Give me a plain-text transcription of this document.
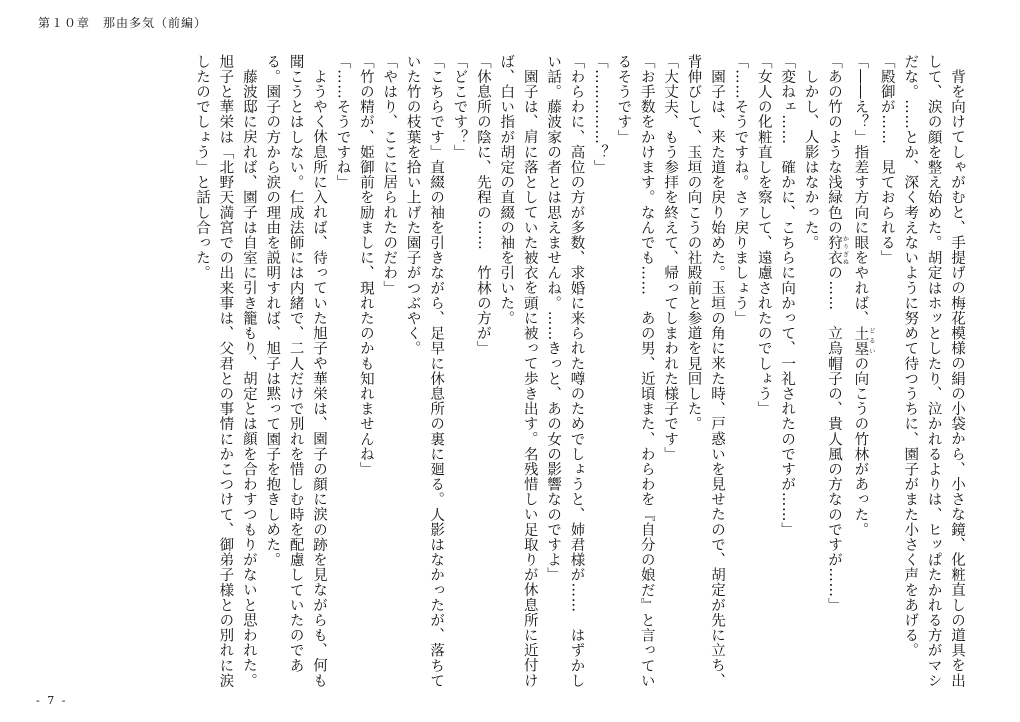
第１０章　那由多気（前編）

背を向けてしゃがむと、手提げの梅花模様の絹の小袋から、小さな鏡、化粧直しの道具を出して、涙の顔を整え始めた。胡定はホッとしたり、泣かれるよりは、ヒッぱたかれる方がマシだな。……とか、深く考えないように努めて待つうちに、園子がまた小さく声をあげる。

「殿御が……　見ておられる」

「――え？」指差す方向に眼をやれば、土塁 どるいの向こうの竹林があった。

「あの竹のような浅緑色の狩衣 かりぎぬの……　立烏帽子の、貴人風の方なのですが……」

しかし、人影はなかった。

「変ねェ……　確かに、こちらに向かって、一礼されたのですが……」

「女人の化粧直しを察して、遠慮されたのでしょう」

「……そうですね。さァ戻りましょう」

園子は、来た道を戻り始めた。玉垣の角に来た時、戸惑いを見せたので、胡定が先に立ち、背伸びして、玉垣の向こうの社殿前と参道を見回した。

「大丈夫、もう参拝を終えて、帰ってしまわれた様子です」

「お手数をかけます。なんでも……　あの男、近頃また、わらわを『自分の娘だ』と言っているそうです」

「……………？」

「わらわに、高位の方が多数、求婚に来られた噂のためでしょうと、姉君様が……　はずかしい話。藤波家の者とは思えませんね。……きっと、あの女の影響なのですよ」

園子は、肩に落としていた被衣を頭に被って歩き出す。名残惜しい足取りが休息所に近付けば、白い指が胡定の直綴の袖を引いた。

「休息所の陰に、先程の……　竹林の方が」

「どこです？」

「こちらです」直綴の袖を引きながら、足早に休息所の裏に廻る。人影はなかったが、落ちていた竹の枝葉を拾い上げた園子がつぶやく。

「やはり、ここに居られたのだわ」

「竹の精が、姫御前を励ましに、現れたのかも知れませんね」

「……そうですね」

ようやく休息所に入れば、待っていた旭子や華栄は、園子の顔に涙の跡を見ながらも、何も聞こうとはしない。仁成法師には内緒で、二人だけで別れを惜しむ時を配慮していたのである。園子の方から涙の理由を説明すれば、旭子は黙って園子を抱きしめた。

藤波邸に戻れば、園子は自室に引き籠もり、胡定とは顔を合わすつもりがないと思われた。旭子と華栄は「北野天満宮での出来事は、父君との事情にかこつけて、御弟子様との別れに涙したのでしょう」と話し合った。

- 7 -
